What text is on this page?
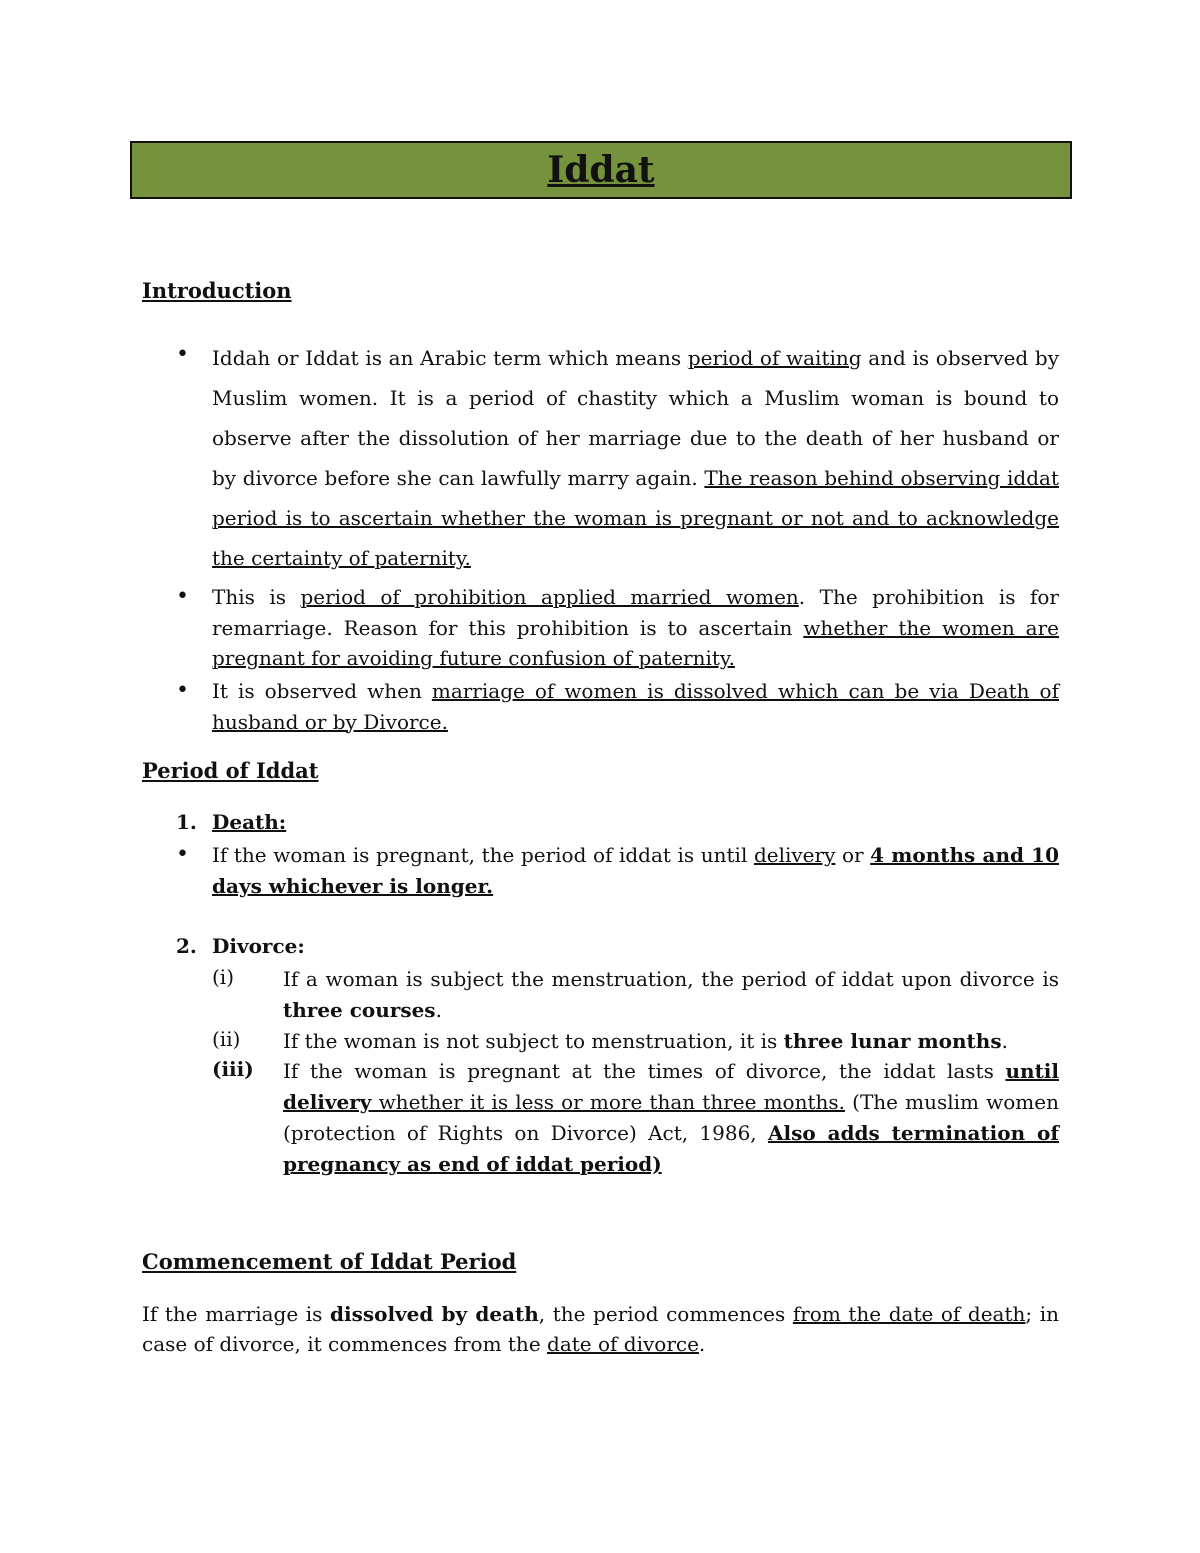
Iddat
Introduction
• Iddah or Iddat is an Arabic term which means period of waiting and is observed by Muslim women. It is a period of chastity which a Muslim woman is bound to observe after the dissolution of her marriage due to the death of her husband or by divorce before she can lawfully marry again. The reason behind observing iddat period is to ascertain whether the woman is pregnant or not and to acknowledge the certainty of paternity.
• This is period of prohibition applied married women. The prohibition is for remarriage. Reason for this prohibition is to ascertain whether the women are pregnant for avoiding future confusion of paternity.
• It is observed when marriage of women is dissolved which can be via Death of husband or by Divorce.
Period of Iddat
1. Death:
• If the woman is pregnant, the period of iddat is until delivery or 4 months and 10 days whichever is longer.
2. Divorce:
(i) If a woman is subject the menstruation, the period of iddat upon divorce is three courses.
(ii) If the woman is not subject to menstruation, it is three lunar months.
(iii) If the woman is pregnant at the times of divorce, the iddat lasts until delivery whether it is less or more than three months. (The muslim women (protection of Rights on Divorce) Act, 1986, Also adds termination of pregnancy as end of iddat period)
Commencement of Iddat Period
If the marriage is dissolved by death, the period commences from the date of death; in case of divorce, it commences from the date of divorce.
